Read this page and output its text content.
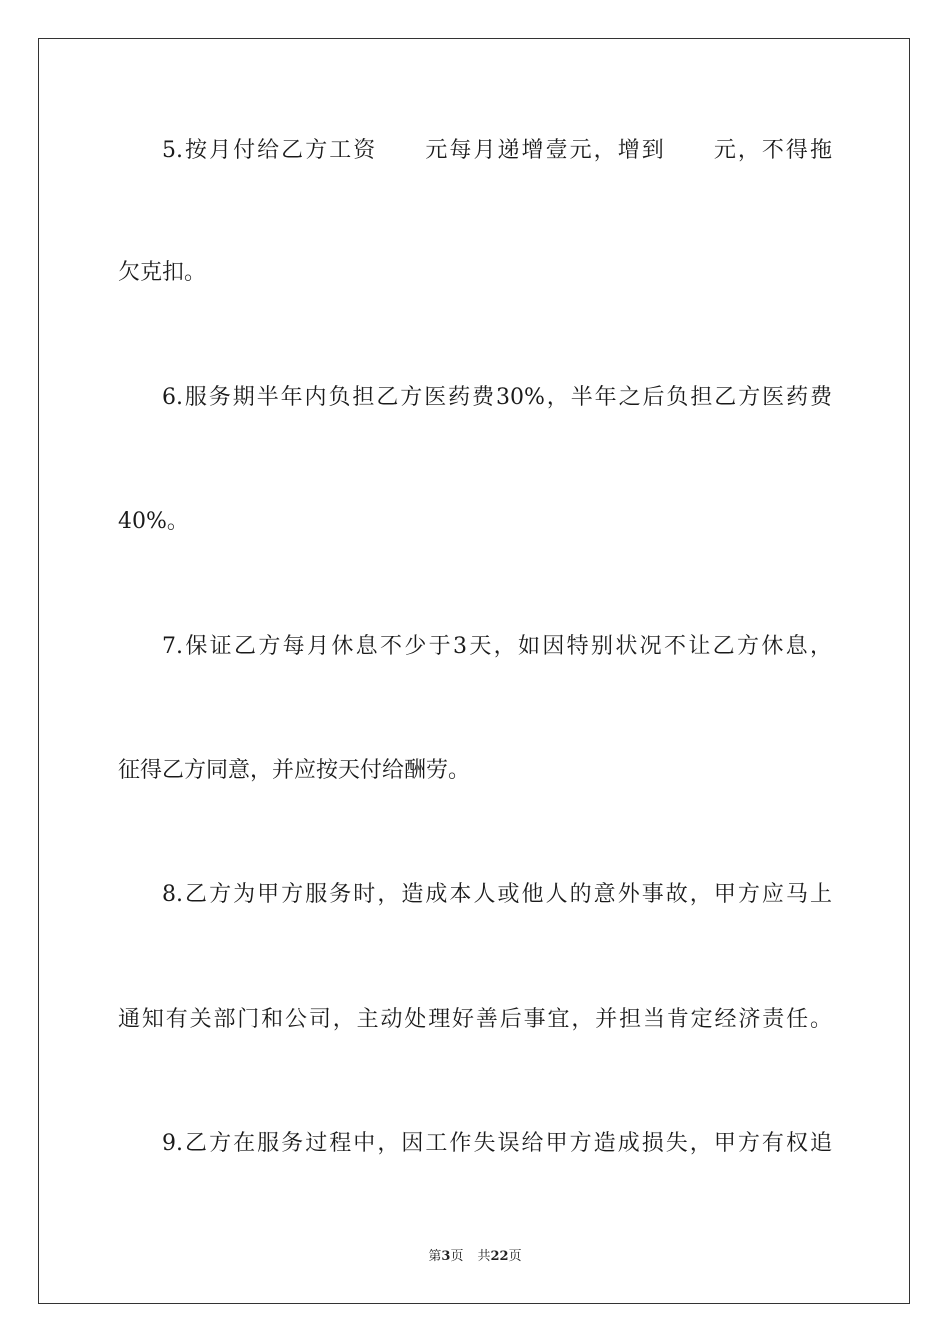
5.按月付给乙方工资 元每月递增壹元，增到 元，不得拖
欠克扣。
6.服务期半年内负担乙方医药费30%，半年之后负担乙方医药费
40%。
7.保证乙方每月休息不少于3天，如因特别状况不让乙方休息，
征得乙方同意，并应按天付给酬劳。
8.乙方为甲方服务时，造成本人或他人的意外事故，甲方应马上
通知有关部门和公司，主动处理好善后事宜，并担当肯定经济责任。
9.乙方在服务过程中，因工作失误给甲方造成损失，甲方有权追
第3页 共22页
